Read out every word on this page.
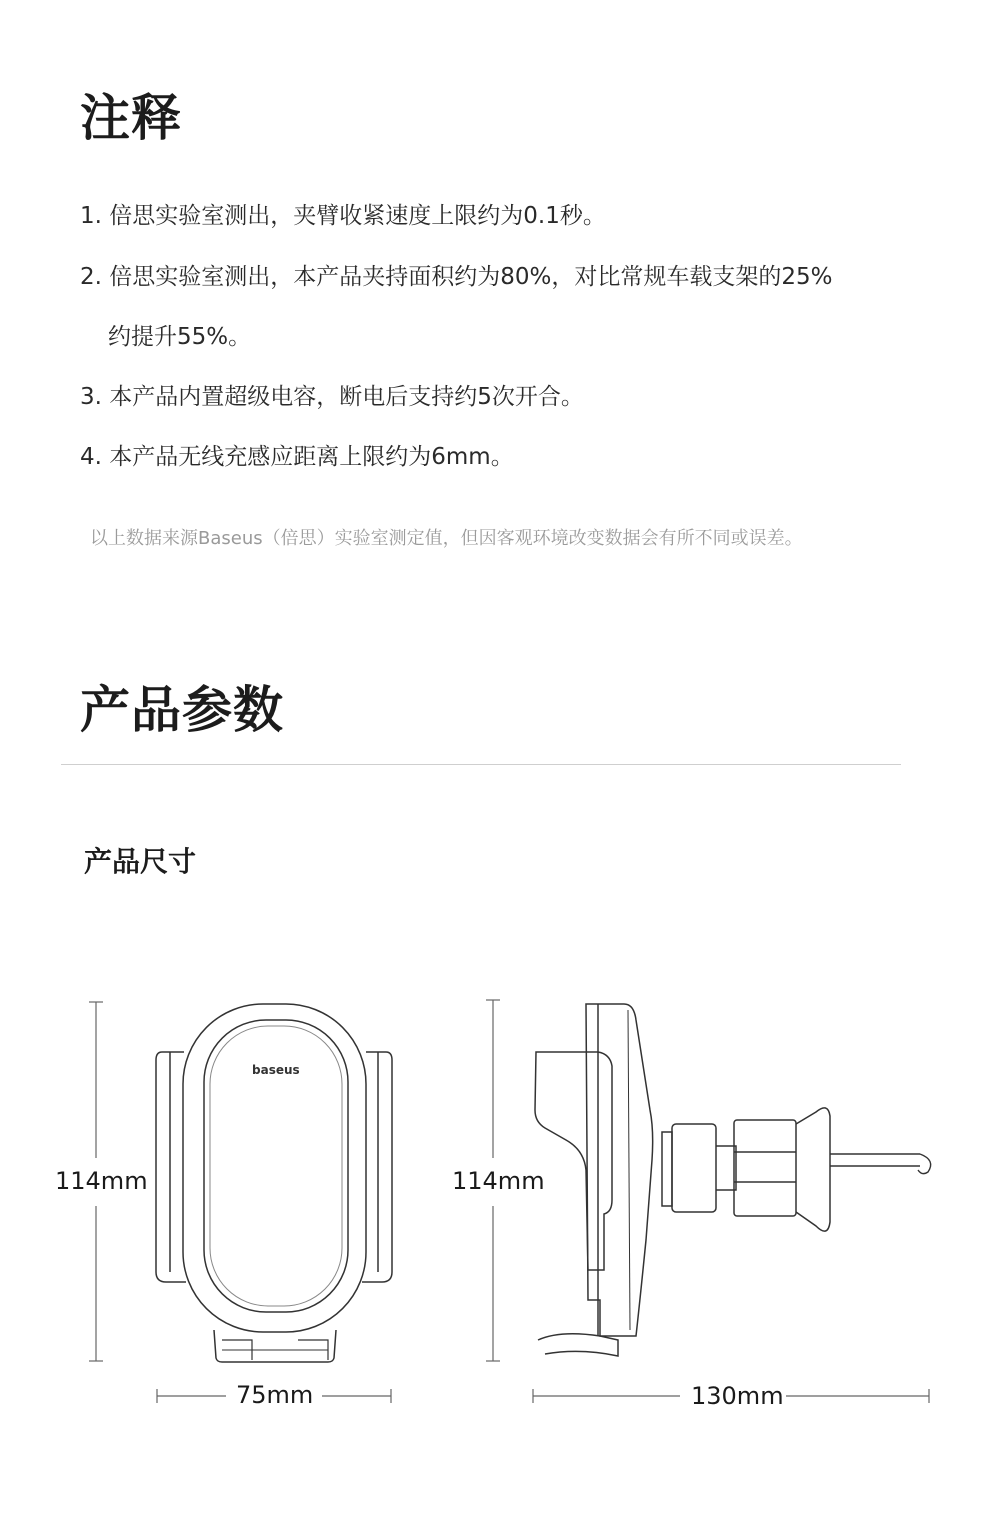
注释
1. 倍思实验室测出，夹臂收紧速度上限约为0.1秒。
2. 倍思实验室测出，本产品夹持面积约为80%，对比常规车载支架的25%
约提升55%。
3. 本产品内置超级电容，断电后支持约5次开合。
4. 本产品无线充感应距离上限约为6mm。
以上数据来源Baseus（倍思）实验室测定值，但因客观环境改变数据会有所不同或误差。
产品参数
产品尺寸
114mm
75mm
114mm
130mm
baseus
